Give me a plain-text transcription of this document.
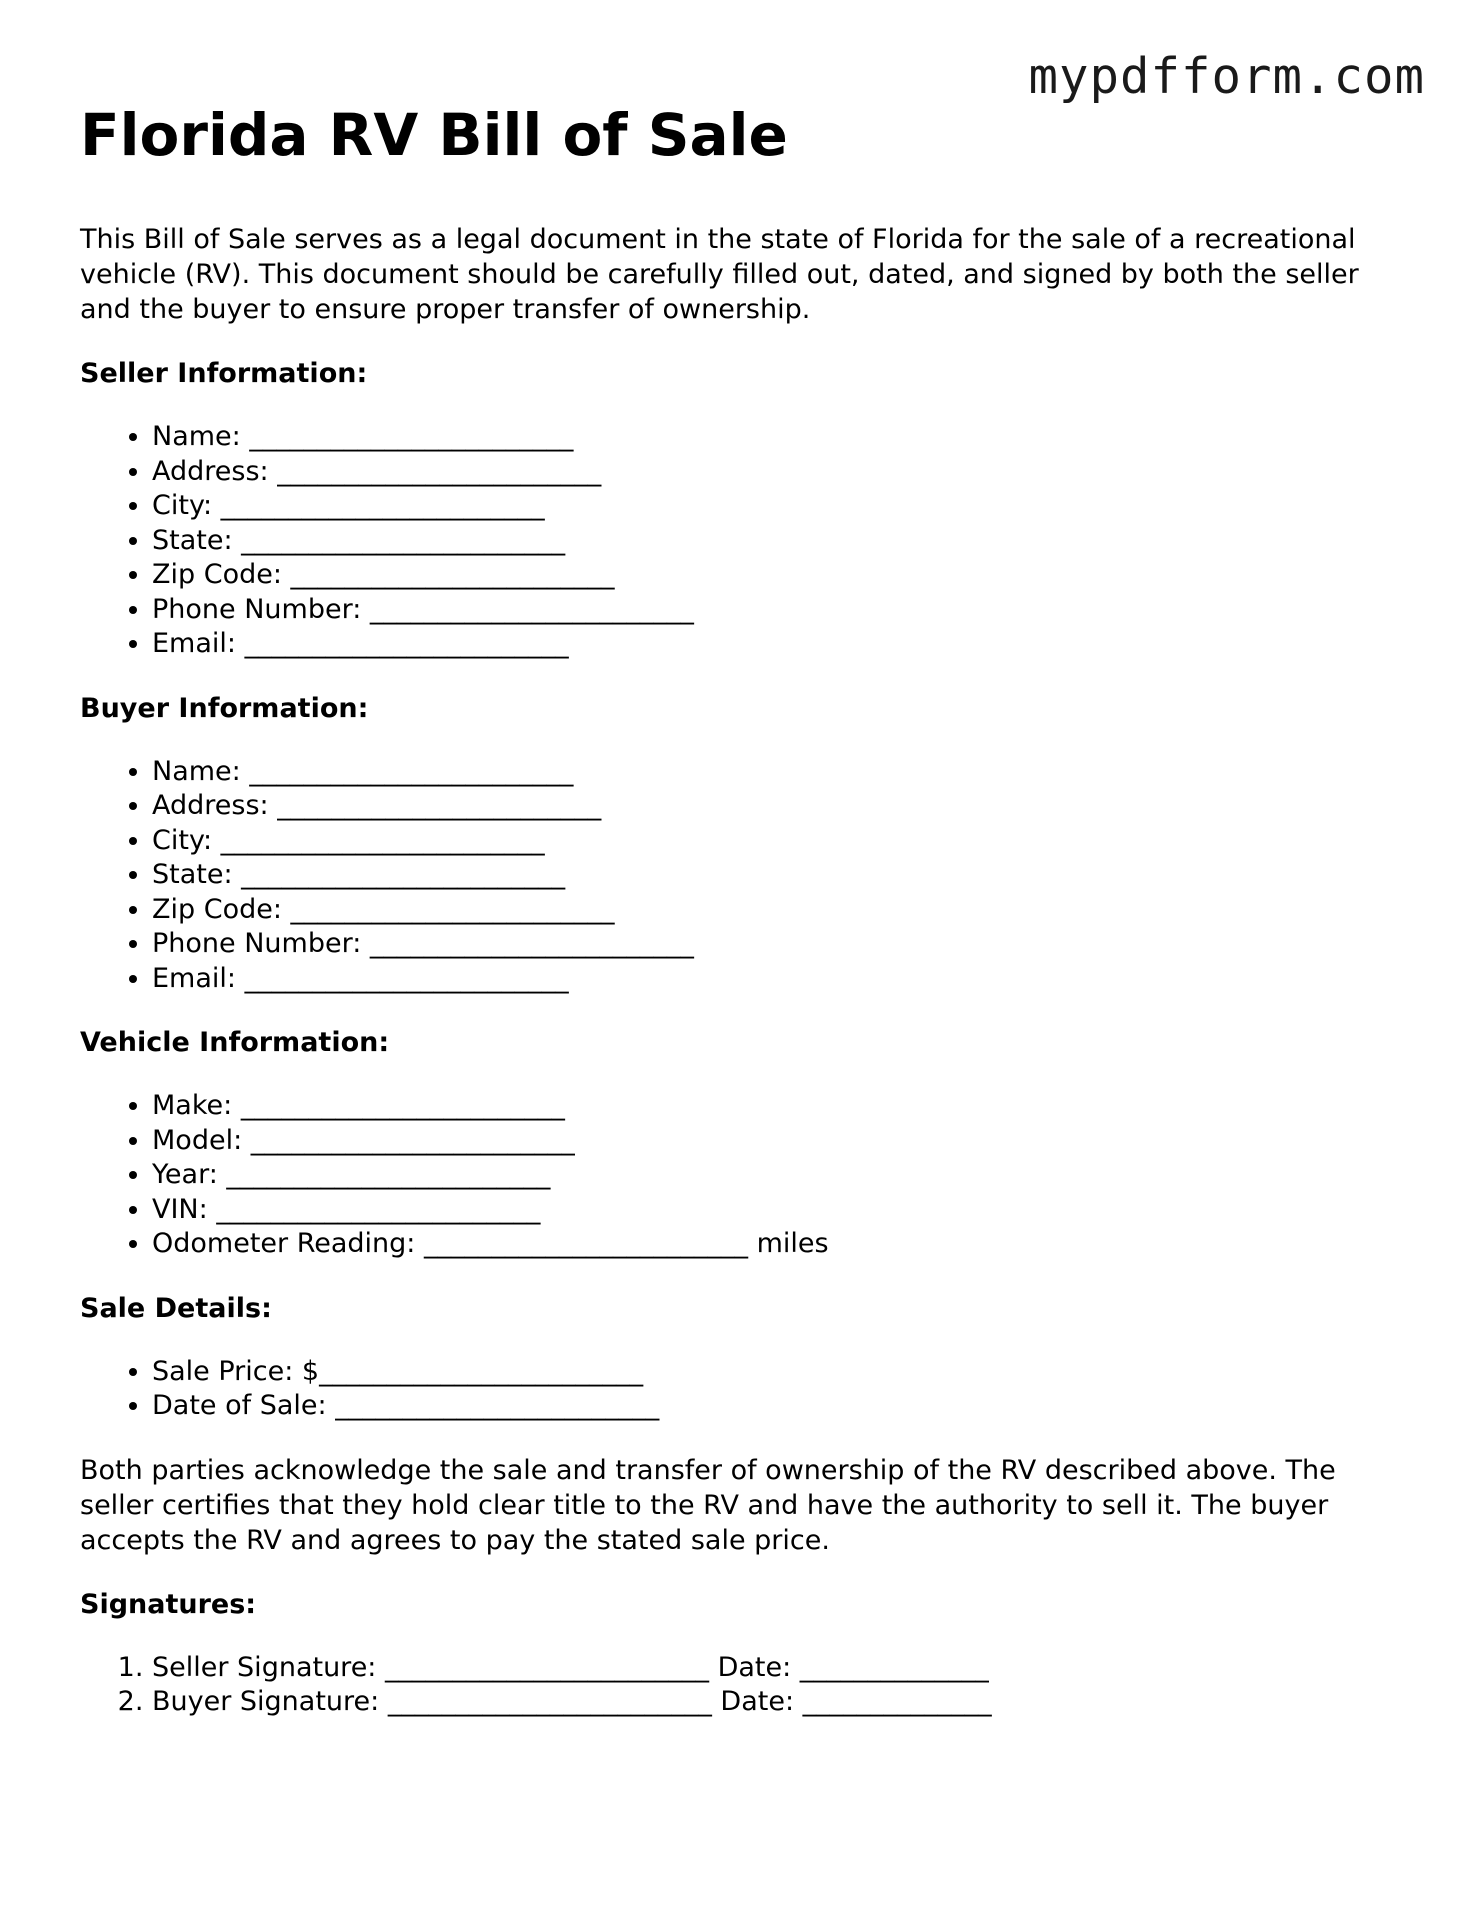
mypdfform.com
Florida RV Bill of Sale

This Bill of Sale serves as a legal document in the state of Florida for the sale of a recreational vehicle (RV). This document should be carefully filled out, dated, and signed by both the seller and the buyer to ensure proper transfer of ownership.

Seller Information:
• Name: ________________________
• Address: ________________________
• City: ________________________
• State: ________________________
• Zip Code: ________________________
• Phone Number: ________________________
• Email: ________________________
Buyer Information:
• Name: ________________________
• Address: ________________________
• City: ________________________
• State: ________________________
• Zip Code: ________________________
• Phone Number: ________________________
• Email: ________________________
Vehicle Information:
• Make: ________________________
• Model: ________________________
• Year: ________________________
• VIN: ________________________
• Odometer Reading: ________________________ miles
Sale Details:
• Sale Price: $________________________
• Date of Sale: ________________________

Both parties acknowledge the sale and transfer of ownership of the RV described above. The seller certifies that they hold clear title to the RV and have the authority to sell it. The buyer accepts the RV and agrees to pay the stated sale price.

Signatures:
1. Seller Signature: ________________________ Date: ______________
2. Buyer Signature: ________________________ Date: ______________
